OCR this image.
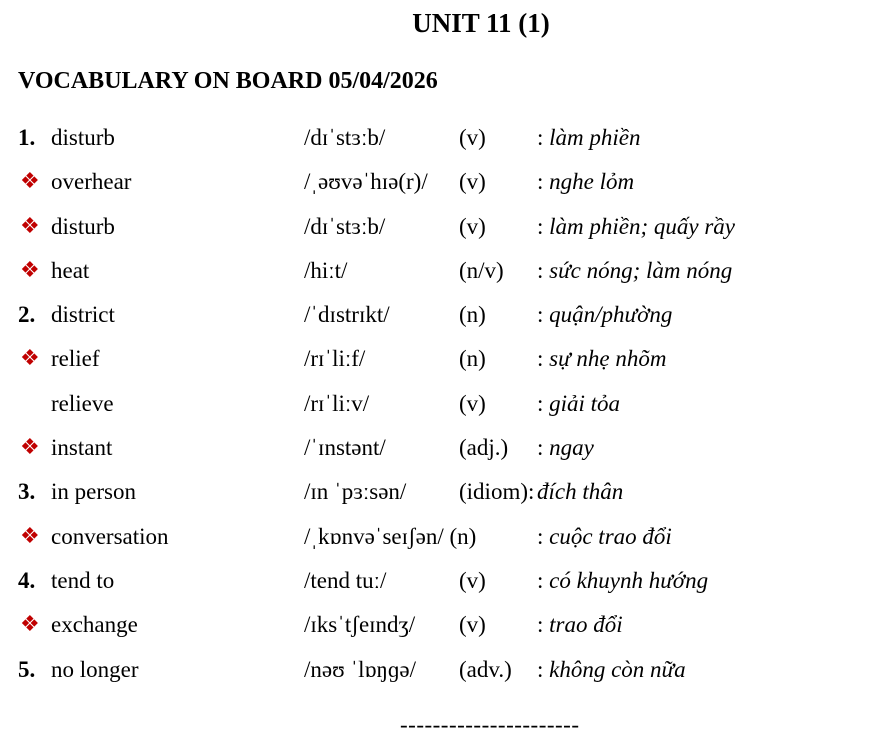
UNIT 11 (1)
VOCABULARY ON BOARD 05/04/2026
1. disturb	/dɪˈstɜːb/	(v) : làm phiền
❖ overhear	/ˌəʊvəˈhɪə(r)/ (v) : nghe lỏm
❖ disturb	/dɪˈstɜːb/	(v) : làm phiền; quấy rầy
❖ heat	/hiːt/	(n/v) : sức nóng; làm nóng
2. district	/ˈdɪstrɪkt/	(n) : quận/phường
❖ relief	/rɪˈliːf/	(n) : sự nhẹ nhõm
relieve	/rɪˈliːv/	(v) : giải tỏa
❖ instant	/ˈɪnstənt/	(adj.) : ngay
3. in person	/ɪn ˈpɜːsən/ (idiom): đích thân
❖ conversation	/ˌkɒnvəˈseɪʃən/ (n)	: cuộc trao đổi
4. tend to	/tend tuː/	(v) : có khuynh hướng
❖ exchange	/ɪksˈtʃeɪndʒ/ (v) : trao đổi
5. no longer	/nəʊ ˈlɒŋɡə/ (adv.) : không còn nữa
----------------------
